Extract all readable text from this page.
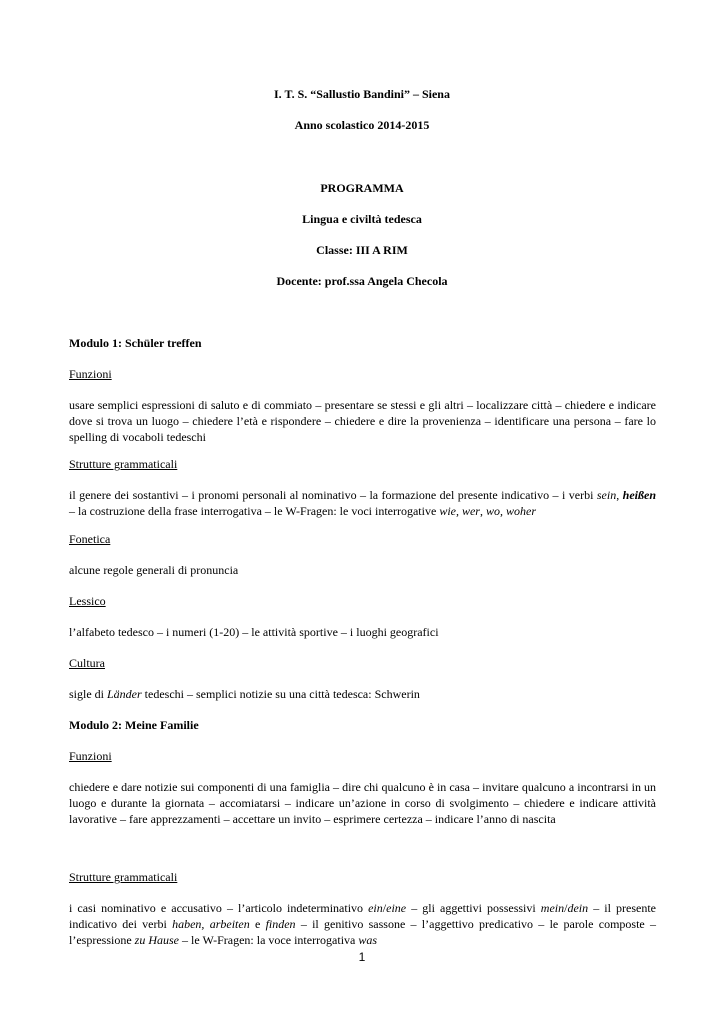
I. T. S. “Sallustio Bandini” – Siena
Anno scolastico 2014-2015
PROGRAMMA
Lingua e civiltà tedesca
Classe: III A RIM
Docente: prof.ssa Angela Checola
Modulo 1: Schüler treffen
Funzioni
usare semplici espressioni di saluto e di commiato – presentare se stessi e gli altri – localizzare città – chiedere e indicare dove si trova un luogo – chiedere l’età e rispondere – chiedere e dire la provenienza – identificare una persona – fare lo spelling di vocaboli tedeschi
Strutture grammaticali
il genere dei sostantivi – i pronomi personali al nominativo – la formazione del presente indicativo – i verbi sein, heißen – la costruzione della frase interrogativa – le W-Fragen: le voci interrogative wie, wer, wo, woher
Fonetica
alcune regole generali di pronuncia
Lessico
l’alfabeto tedesco – i numeri (1-20) – le attività sportive – i luoghi geografici
Cultura
sigle di Länder tedeschi – semplici notizie su una città tedesca: Schwerin
Modulo 2: Meine Familie
Funzioni
chiedere e dare notizie sui componenti di una famiglia – dire chi qualcuno è in casa – invitare qualcuno a incontrarsi in un luogo e durante la giornata – accomiatarsi – indicare un’azione in corso di svolgimento – chiedere e indicare attività lavorative – fare apprezzamenti – accettare un invito – esprimere certezza – indicare l’anno di nascita
Strutture grammaticali
i casi nominativo e accusativo – l’articolo indeterminativo ein/eine – gli aggettivi possessivi mein/dein – il presente indicativo dei verbi haben, arbeiten e finden – il genitivo sassone – l’aggettivo predicativo – le parole composte – l’espressione zu Hause – le W-Fragen: la voce interrogativa was
1
